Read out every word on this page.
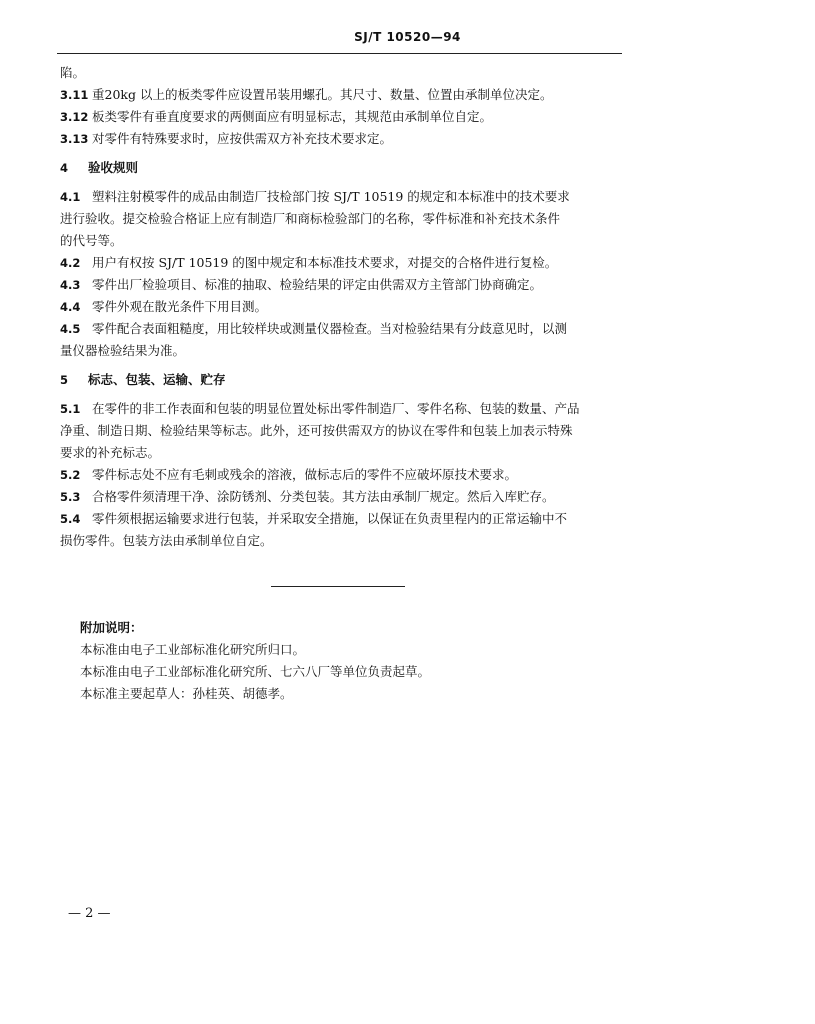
SJ/T 10520—94
陷。
3.11 重20kg 以上的板类零件应设置吊装用螺孔。其尺寸、数量、位置由承制单位决定。
3.12 板类零件有垂直度要求的两侧面应有明显标志，其规范由承制单位自定。
3.13 对零件有特殊要求时，应按供需双方补充技术要求定。
4 验收规则
4.1 塑料注射模零件的成品由制造厂技检部门按 SJ/T 10519 的规定和本标准中的技术要求
进行验收。提交检验合格证上应有制造厂和商标检验部门的名称，零件标准和补充技术条件
的代号等。
4.2 用户有权按 SJ/T 10519 的图中规定和本标准技术要求，对提交的合格件进行复检。
4.3 零件出厂检验项目、标准的抽取、检验结果的评定由供需双方主管部门协商确定。
4.4 零件外观在散光条件下用目测。
4.5 零件配合表面粗糙度，用比较样块或测量仪器检查。当对检验结果有分歧意见时，以测
量仪器检验结果为准。
5 标志、包装、运输、贮存
5.1 在零件的非工作表面和包装的明显位置处标出零件制造厂、零件名称、包装的数量、产品
净重、制造日期、检验结果等标志。此外，还可按供需双方的协议在零件和包装上加表示特殊
要求的补充标志。
5.2 零件标志处不应有毛刺或残余的溶液，做标志后的零件不应破坏原技术要求。
5.3 合格零件须清理干净、涂防锈剂、分类包装。其方法由承制厂规定。然后入库贮存。
5.4 零件须根据运输要求进行包装，并采取安全措施，以保证在负责里程内的正常运输中不
损伤零件。包装方法由承制单位自定。
附加说明：
本标准由电子工业部标准化研究所归口。
本标准由电子工业部标准化研究所、七六八厂等单位负责起草。
本标准主要起草人：孙桂英、胡德孝。
— 2 —
